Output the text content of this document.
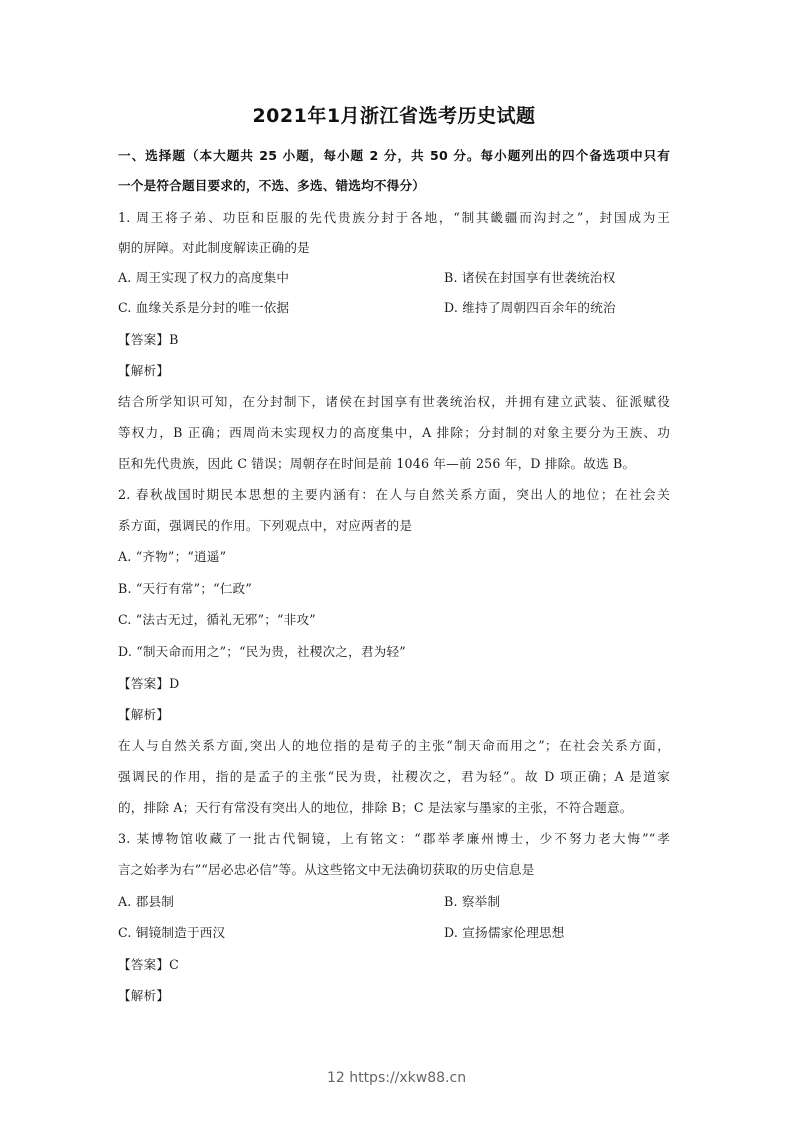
2021年1月浙江省选考历史试题
一、选择题（本大题共 25 小题，每小题 2 分，共 50 分。每小题列出的四个备选项中只有
一个是符合题目要求的，不选、多选、错选均不得分）
1. 周王将子弟、功臣和臣服的先代贵族分封于各地，“制其畿疆而沟封之”，封国成为王
朝的屏障。对此制度解读正确的是
A. 周王实现了权力的高度集中	B. 诸侯在封国享有世袭统治权
C. 血缘关系是分封的唯一依据	D. 维持了周朝四百余年的统治
【答案】B
【解析】
结合所学知识可知，在分封制下，诸侯在封国享有世袭统治权，并拥有建立武装、征派赋役
等权力，B 正确；西周尚未实现权力的高度集中，A 排除；分封制的对象主要分为王族、功
臣和先代贵族，因此 C 错误；周朝存在时间是前 1046 年—前 256 年，D 排除。故选 B。
2. 春秋战国时期民本思想的主要内涵有：在人与自然关系方面，突出人的地位；在社会关
系方面，强调民的作用。下列观点中，对应两者的是
A. “齐物”；“逍遥”
B. “天行有常”；“仁政”
C. “法古无过，循礼无邪”；“非攻”
D. “制天命而用之”；“民为贵，社稷次之，君为轻”
【答案】D
【解析】
在人与自然关系方面,突出人的地位指的是荀子的主张“制天命而用之”；在社会关系方面，
强调民的作用，指的是孟子的主张“民为贵，社稷次之，君为轻”。故 D 项正确；A 是道家
的，排除 A；天行有常没有突出人的地位，排除 B；C 是法家与墨家的主张，不符合题意。
3. 某博物馆收藏了一批古代铜镜，上有铭文：“郡举孝廉州博士，少不努力老大悔”“孝
言之始孝为右”“居必忠必信”等。从这些铭文中无法确切获取的历史信息是
A. 郡县制	B. 察举制
C. 铜镜制造于西汉	D. 宣扬儒家伦理思想
【答案】C
【解析】
12 https://xkw88.cn
